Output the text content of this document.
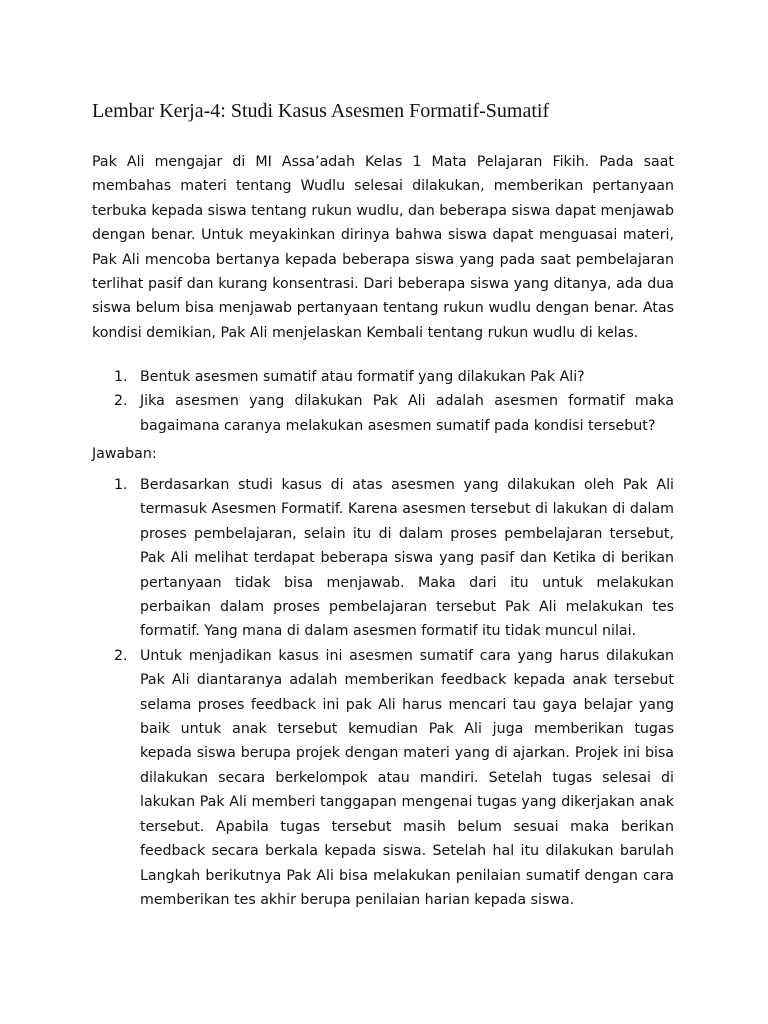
Lembar Kerja-4: Studi Kasus Asesmen Formatif-Sumatif

Pak Ali mengajar di MI Assa’adah Kelas 1 Mata Pelajaran Fikih. Pada saat membahas materi tentang Wudlu selesai dilakukan, memberikan pertanyaan terbuka kepada siswa tentang rukun wudlu, dan beberapa siswa dapat menjawab dengan benar. Untuk meyakinkan dirinya bahwa siswa dapat menguasai materi, Pak Ali mencoba bertanya kepada beberapa siswa yang pada saat pembelajaran terlihat pasif dan kurang konsentrasi. Dari beberapa siswa yang ditanya, ada dua siswa belum bisa menjawab pertanyaan tentang rukun wudlu dengan benar. Atas kondisi demikian, Pak Ali menjelaskan Kembali tentang rukun wudlu di kelas.

1. Bentuk asesmen sumatif atau formatif yang dilakukan Pak Ali?
2. Jika asesmen yang dilakukan Pak Ali adalah asesmen formatif maka bagaimana caranya melakukan asesmen sumatif pada kondisi tersebut?

Jawaban:

1. Berdasarkan studi kasus di atas asesmen yang dilakukan oleh Pak Ali termasuk Asesmen Formatif. Karena asesmen tersebut di lakukan di dalam proses pembelajaran, selain itu di dalam proses pembelajaran tersebut, Pak Ali melihat terdapat beberapa siswa yang pasif dan Ketika di berikan pertanyaan tidak bisa menjawab. Maka dari itu untuk melakukan perbaikan dalam proses pembelajaran tersebut Pak Ali melakukan tes formatif. Yang mana di dalam asesmen formatif itu tidak muncul nilai.
2. Untuk menjadikan kasus ini asesmen sumatif cara yang harus dilakukan Pak Ali diantaranya adalah memberikan feedback kepada anak tersebut selama proses feedback ini pak Ali harus mencari tau gaya belajar yang baik untuk anak tersebut kemudian Pak Ali juga memberikan tugas kepada siswa berupa projek dengan materi yang di ajarkan. Projek ini bisa dilakukan secara berkelompok atau mandiri. Setelah tugas selesai di lakukan Pak Ali memberi tanggapan mengenai tugas yang dikerjakan anak tersebut. Apabila tugas tersebut masih belum sesuai maka berikan feedback secara berkala kepada siswa. Setelah hal itu dilakukan barulah Langkah berikutnya Pak Ali bisa melakukan penilaian sumatif dengan cara memberikan tes akhir berupa penilaian harian kepada siswa.
